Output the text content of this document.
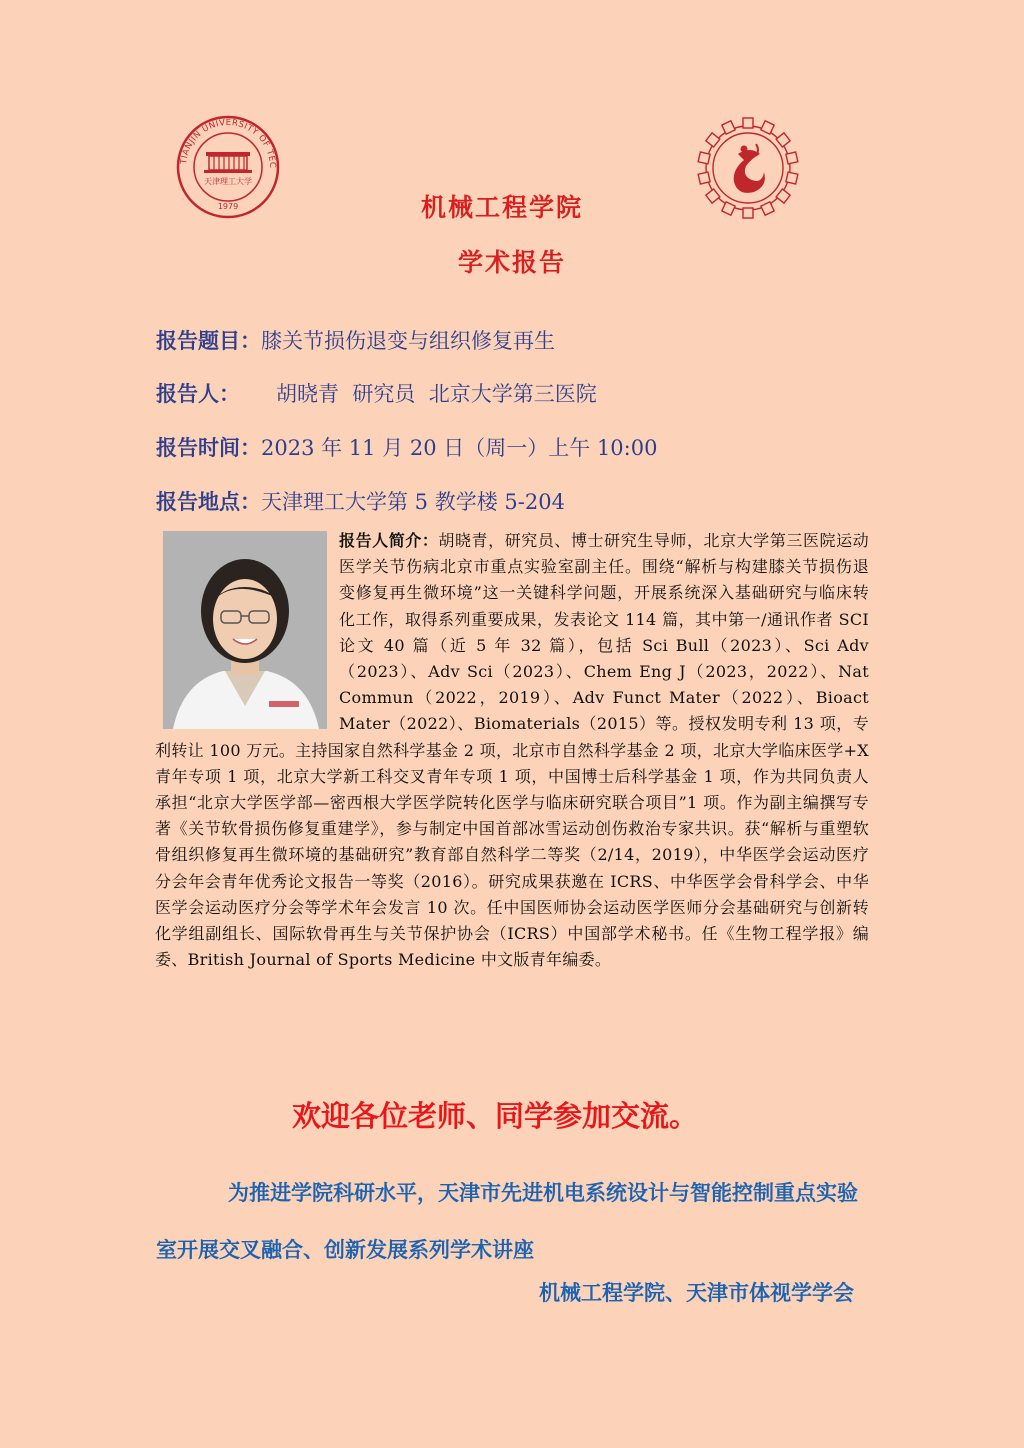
TIANJIN UNIVERSITY OF TEC
天津理工大学
1979	机械工程学院
学术报告
报告题目：膝关节损伤退变与组织修复再生
报告人： 胡晓青  研究员  北京大学第三医院
报告时间：2023 年 11 月 20 日（周一）上午 10:00
报告地点：天津理工大学第 5 教学楼 5-204
报告人简介：胡晓青，研究员、博士研究生导师，北京大学第三医院运动医学关节伤病北京市重点实验室副主任。围绕“解析与构建膝关节损伤退变修复再生微环境”这一关键科学问题，开展系统深入基础研究与临床转化工作，取得系列重要成果，发表论文 114 篇，其中第一/通讯作者 SCI 论文 40 篇（近 5 年 32 篇），包括 Sci Bull（2023）、Sci Adv（2023）、Adv Sci（2023）、Chem Eng J（2023，2022）、Nat Commun（2022，2019）、Adv Funct Mater（2022）、Bioact Mater（2022）、Biomaterials（2015）等。授权发明专利 13 项，专利转让 100 万元。主持国家自然科学基金 2 项，北京市自然科学基金 2 项，北京大学临床医学+X 青年专项 1 项，北京大学新工科交叉青年专项 1 项，中国博士后科学基金 1 项，作为共同负责人承担“北京大学医学部—密西根大学医学院转化医学与临床研究联合项目”1 项。作为副主编撰写专著《关节软骨损伤修复重建学》，参与制定中国首部冰雪运动创伤救治专家共识。获“解析与重塑软骨组织修复再生微环境的基础研究”教育部自然科学二等奖（2/14，2019），中华医学会运动医疗分会年会青年优秀论文报告一等奖（2016）。研究成果获邀在 ICRS、中华医学会骨科学会、中华医学会运动医疗分会等学术年会发言 10 次。任中国医师协会运动医学医师分会基础研究与创新转化学组副组长、国际软骨再生与关节保护协会（ICRS）中国部学术秘书。任《生物工程学报》编委、British Journal of Sports Medicine 中文版青年编委。
欢迎各位老师、同学参加交流。
为推进学院科研水平，天津市先进机电系统设计与智能控制重点实验室开展交叉融合、创新发展系列学术讲座
机械工程学院、天津市体视学学会
